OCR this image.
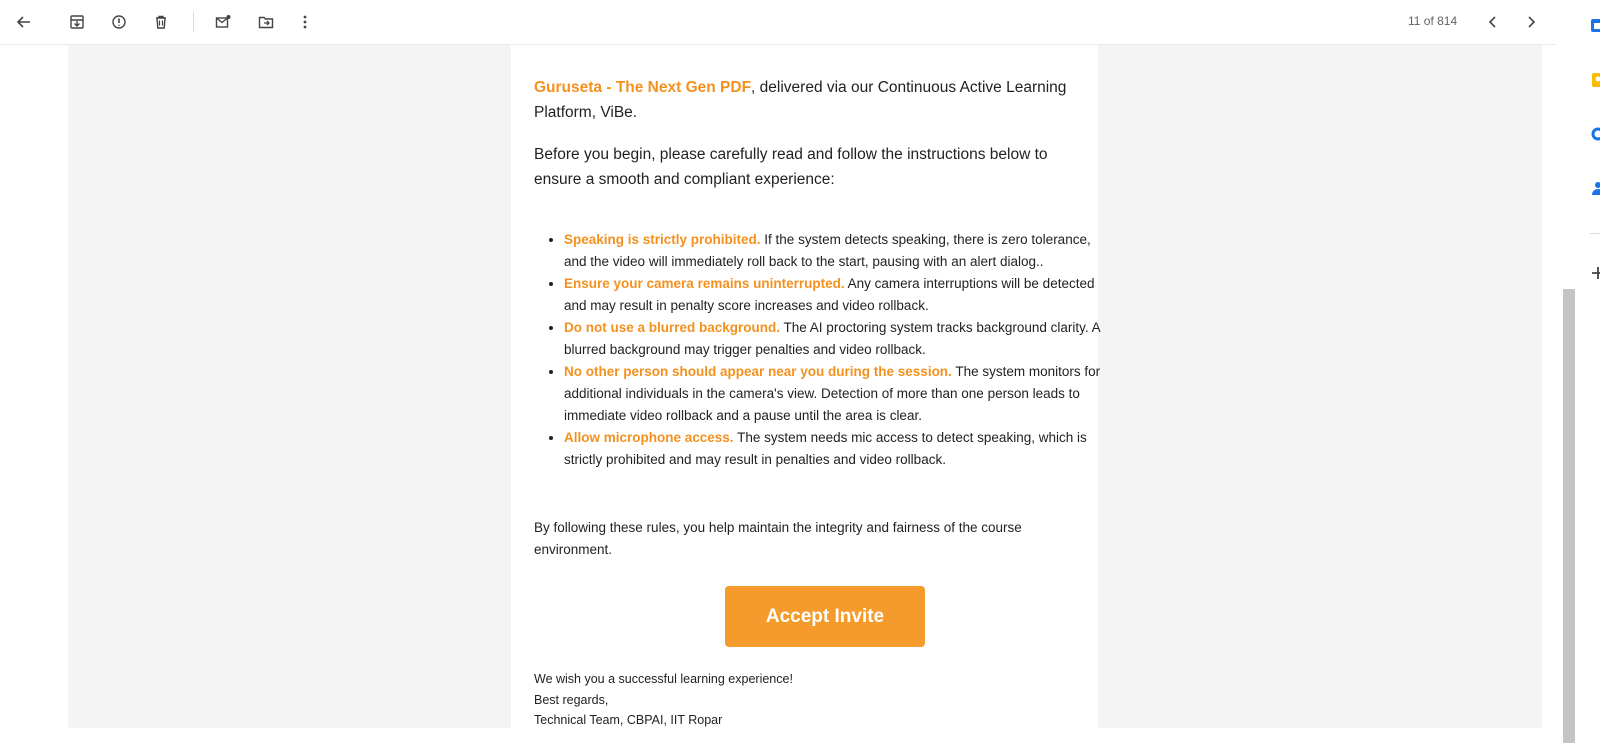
11 of 814

Guruseta - The Next Gen PDF, delivered via our Continuous Active Learning Platform, ViBe.

Before you begin, please carefully read and follow the instructions below to ensure a smooth and compliant experience:

• Speaking is strictly prohibited. If the system detects speaking, there is zero tolerance, and the video will immediately roll back to the start, pausing with an alert dialog..
• Ensure your camera remains uninterrupted. Any camera interruptions will be detected and may result in penalty score increases and video rollback.
• Do not use a blurred background. The AI proctoring system tracks background clarity. A blurred background may trigger penalties and video rollback.
• No other person should appear near you during the session. The system monitors for additional individuals in the camera's view. Detection of more than one person leads to immediate video rollback and a pause until the area is clear.
• Allow microphone access. The system needs mic access to detect speaking, which is strictly prohibited and may result in penalties and video rollback.

By following these rules, you help maintain the integrity and fairness of the course environment.

Accept Invite
We wish you a successful learning experience!
Best regards,
Technical Team, CBPAI, IIT Ropar
